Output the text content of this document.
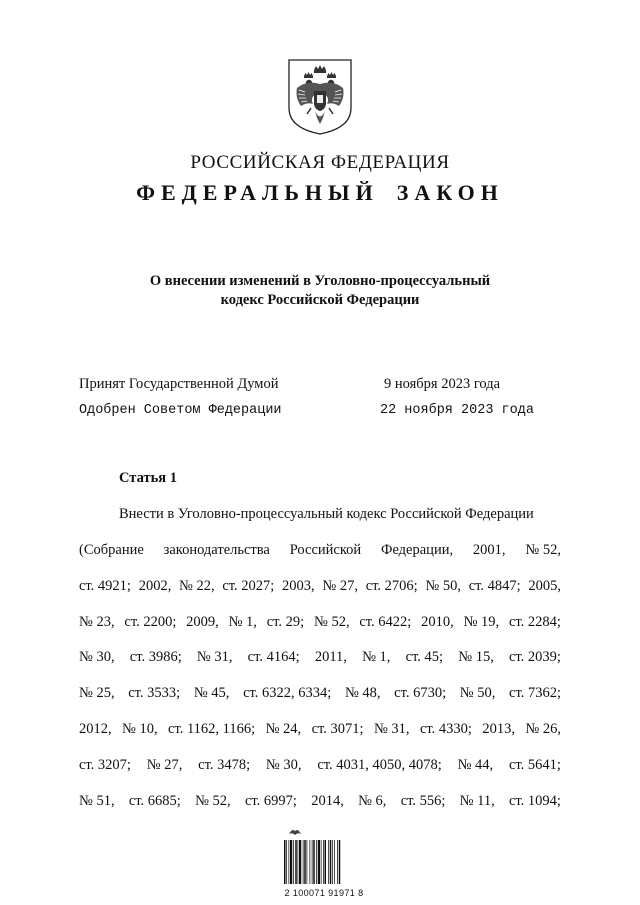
РОССИЙСКАЯ ФЕДЕРАЦИЯ
ФЕДЕРАЛЬНЫЙ ЗАКОН
О внесении изменений в Уголовно-процессуальный
кодекс Российской Федерации
Принят Государственной Думой	9 ноября 2023 года
Одобрен Советом Федерации	22 ноября 2023 года
Статья 1
Внести в Уголовно-процессуальный кодекс Российской Федерации
(Собрание законодательства Российской Федерации, 2001, № 52,
ст. 4921; 2002, № 22, ст. 2027; 2003, № 27, ст. 2706; № 50, ст. 4847; 2005,
№ 23, ст. 2200; 2009, № 1, ст. 29; № 52, ст. 6422; 2010, № 19, ст. 2284;
№ 30, ст. 3986; № 31, ст. 4164; 2011, № 1, ст. 45; № 15, ст. 2039;
№ 25, ст. 3533; № 45, ст. 6322, 6334; № 48, ст. 6730; № 50, ст. 7362;
2012, № 10, ст. 1162, 1166; № 24, ст. 3071; № 31, ст. 4330; 2013, № 26,
ст. 3207; № 27, ст. 3478; № 30, ст. 4031, 4050, 4078; № 44, ст. 5641;
№ 51, ст. 6685; № 52, ст. 6997; 2014, № 6, ст. 556; № 11, ст. 1094;
2 100071 91971 8
